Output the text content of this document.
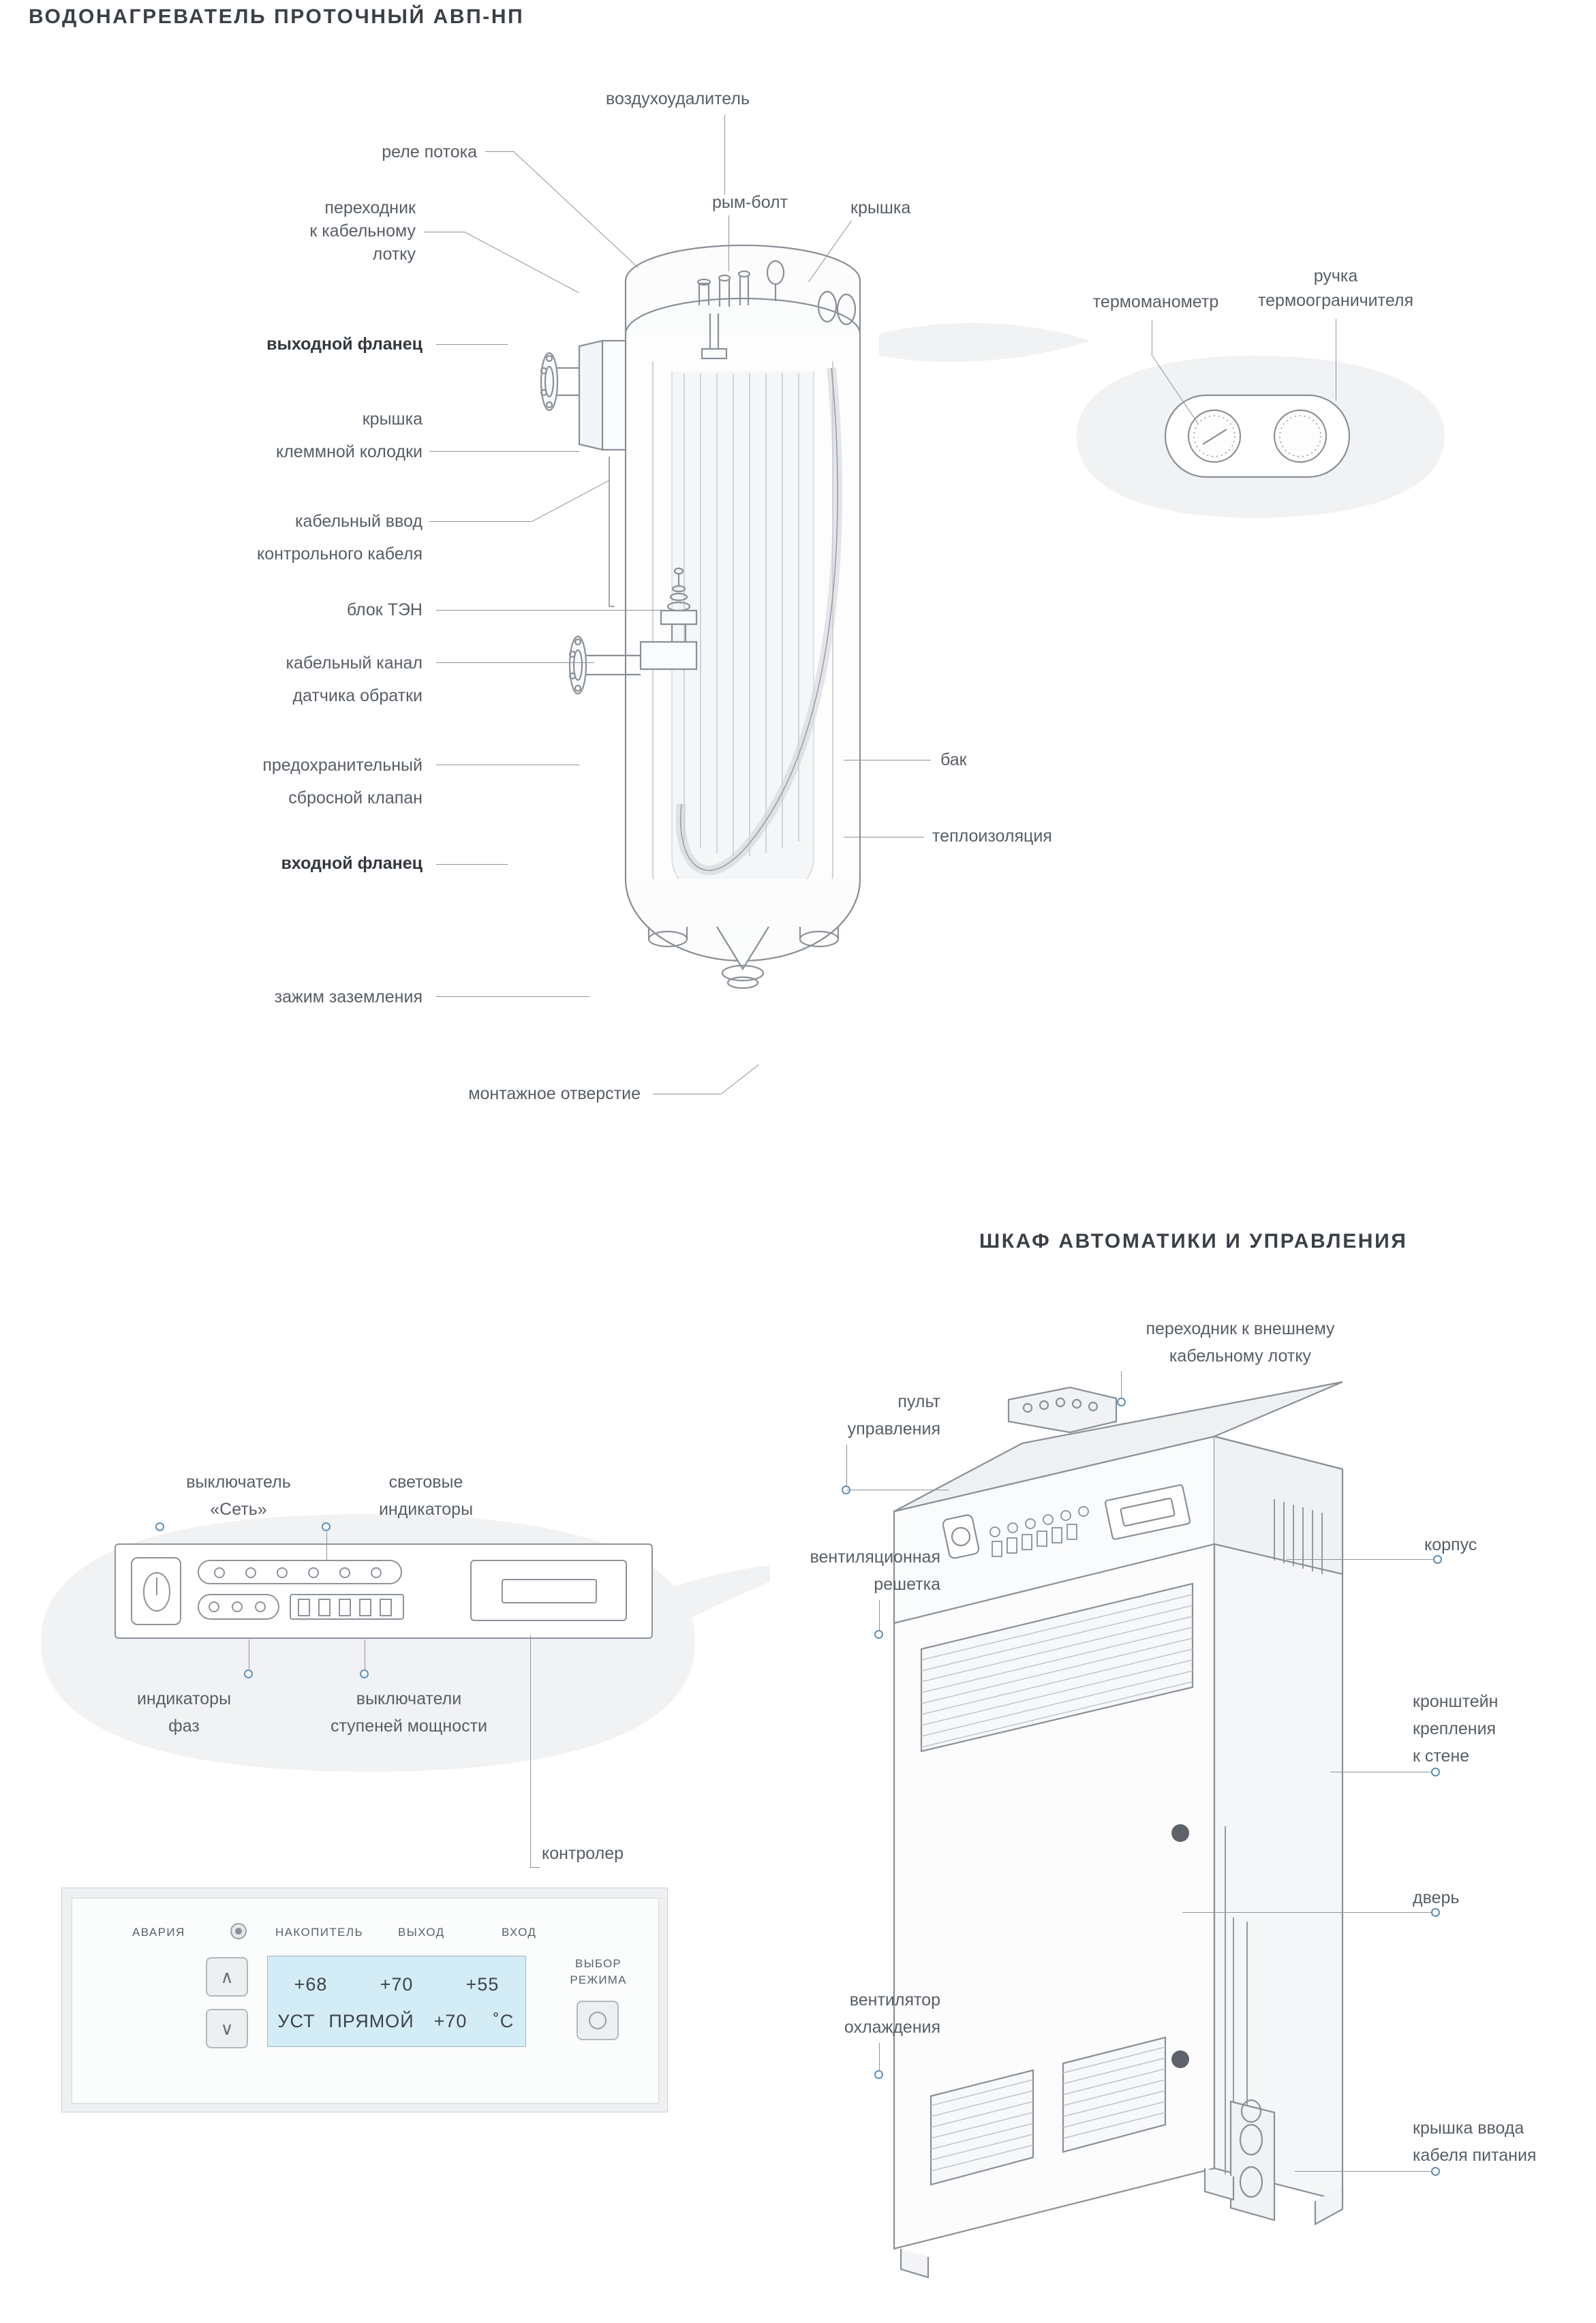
ВОДОНАГРЕВАТЕЛЬ ПРОТОЧНЫЙ АВП-НП
ШКАФ АВТОМАТИКИ И УПРАВЛЕНИЯ
воздухоудалитель
реле потока
переходник
к кабельному
лотку
рым-болт	крышка
выходной фланец
крышка
клеммной колодки
кабельный ввод
контрольного кабеля
блок ТЭН
кабельный канал
датчика обратки
предохранительный
сбросной клапан
входной фланец
зажим заземления
монтажное отверстие
бак
теплоизоляция
термоманометр
ручка
термоограничителя
переходник к внешнему
кабельному лотку
пульт
управления
вентиляционная
решетка
корпус
кронштейн
крепления
к стене
дверь
вентилятор
охлаждения
крышка ввода
кабеля питания
выключатель
«Сеть»
световые
индикаторы
индикаторы
фаз
выключатели
ступеней мощности
контролер
АВАРИЯ	НАКОПИТЕЛЬ	ВЫХОД	ВХОД
∧
∨
+68	+70	+55
УСТ ПРЯМОЙ	+70	˚С
ВЫБОР
РЕЖИМА
